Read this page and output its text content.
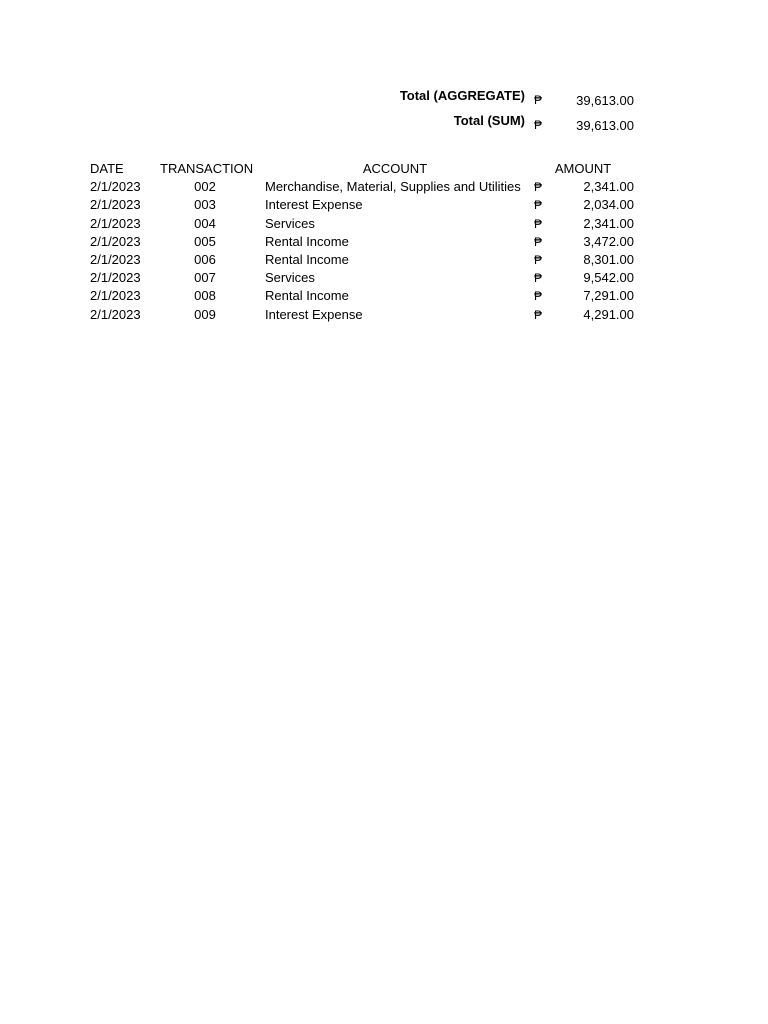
Total (AGGREGATE) ₱	39,613.00
Total (SUM) ₱	39,613.00
DATE	TRANSACTION	ACCOUNT	AMOUNT
2/1/2023	002	Merchandise, Material, Supplies and Utilities ₱	2,341.00
2/1/2023	003	Interest Expense	₱	2,034.00
2/1/2023	004	Services	₱	2,341.00
2/1/2023	005	Rental Income	₱	3,472.00
2/1/2023	006	Rental Income	₱	8,301.00
2/1/2023	007	Services	₱	9,542.00
2/1/2023	008	Rental Income	₱	7,291.00
2/1/2023	009	Interest Expense	₱	4,291.00
